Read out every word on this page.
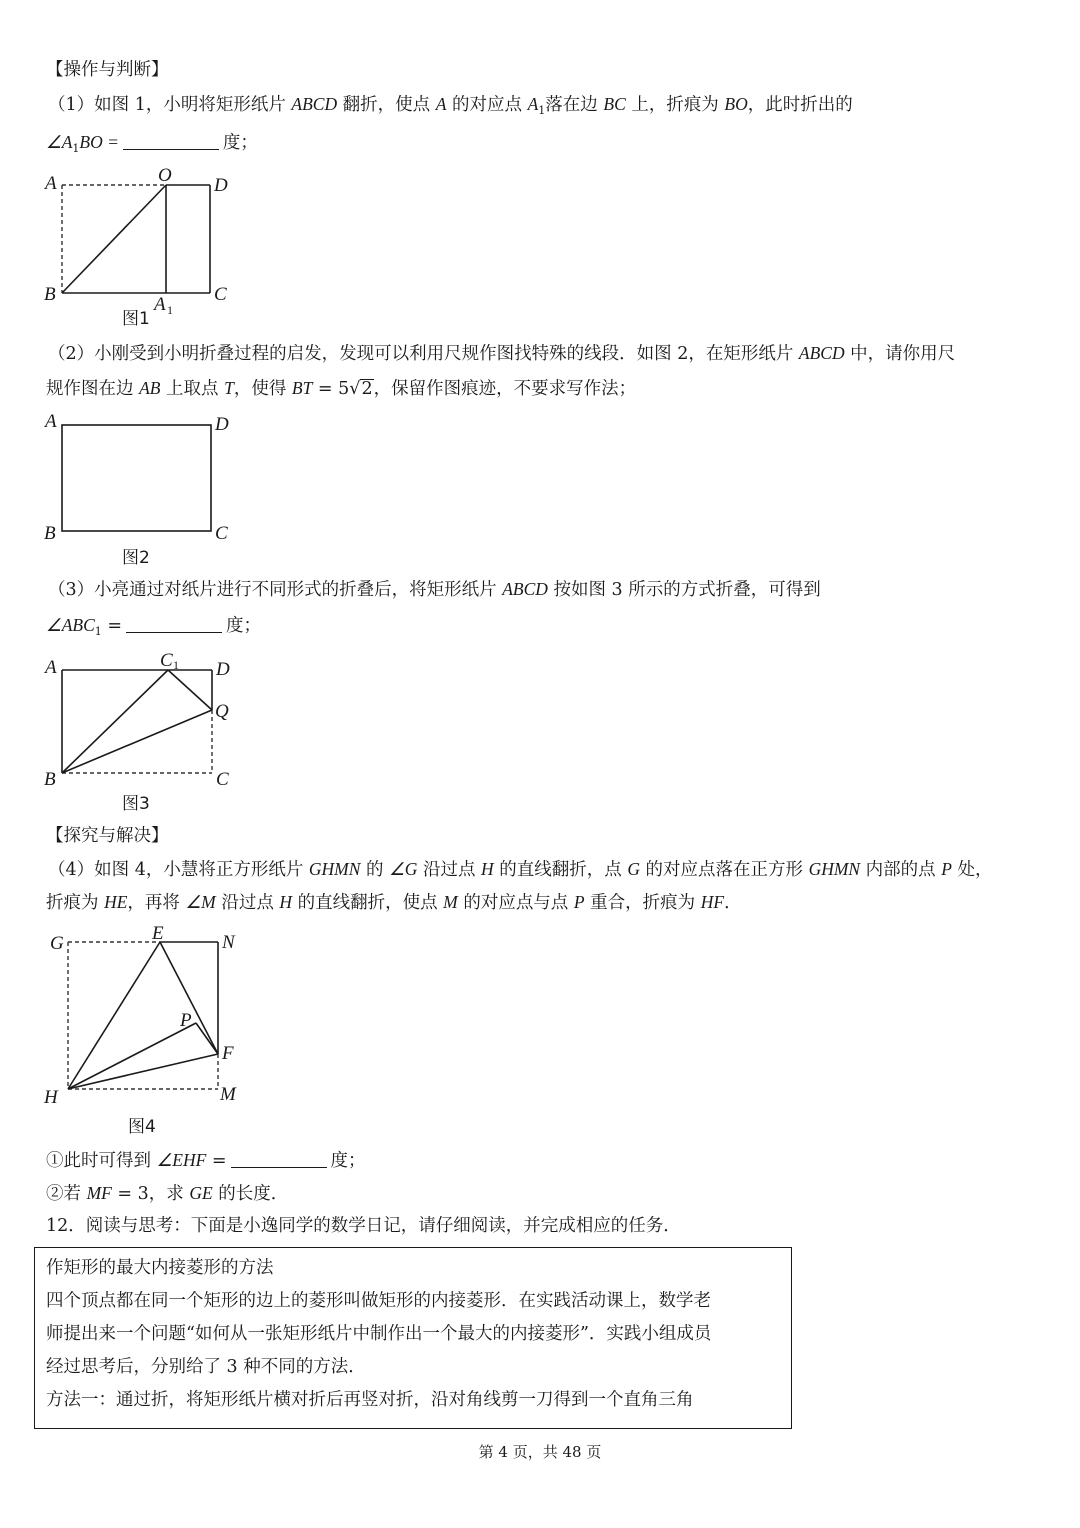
【操作与判断】
（1）如图 1，小明将矩形纸片 ABCD 翻折，使点 A 的对应点 $A_1$落在边 BC 上，折痕为 BO，此时折出的
$\angle A_1BO$ =	度；
A	O D
B	A 1
C
图1
（2）小刚受到小明折叠过程的启发，发现可以利用尺规作图找特殊的线段．如图 2，在矩形纸片 ABCD 中，请你用尺
规作图在边 AB 上取点 T，使得 BT = 5√2，保留作图痕迹，不要求写作法；
A	D
B	C
图2
（3）小亮通过对纸片进行不同形式的折叠后，将矩形纸片 ABCD 按如图 3 所示的方式折叠，可得到
$\angle ABC_1$ =	度；
A	C 1 D
Q
B	C
图3
【探究与解决】
（4）如图 4，小慧将正方形纸片 GHMN 的 ∠G 沿过点 H 的直线翻折，点 G 的对应点落在正方形 GHMN 内部的点 P 处，
折痕为 HE，再将 ∠M 沿过点 H 的直线翻折，使点 M 的对应点与点 P 重合，折痕为 HF．
G	E	N
P
F
H	M
图4
①此时可得到 ∠EHF =	度；
②若 MF = 3，求 GE 的长度．
12．阅读与思考：下面是小逸同学的数学日记，请仔细阅读，并完成相应的任务．
作矩形的最大内接菱形的方法
四个顶点都在同一个矩形的边上的菱形叫做矩形的内接菱形．在实践活动课上，数学老
师提出来一个问题“如何从一张矩形纸片中制作出一个最大的内接菱形”．实践小组成员
经过思考后，分别给了 3 种不同的方法．
方法一：通过折，将矩形纸片横对折后再竖对折，沿对角线剪一刀得到一个直角三角
第 4 页，共 48 页
